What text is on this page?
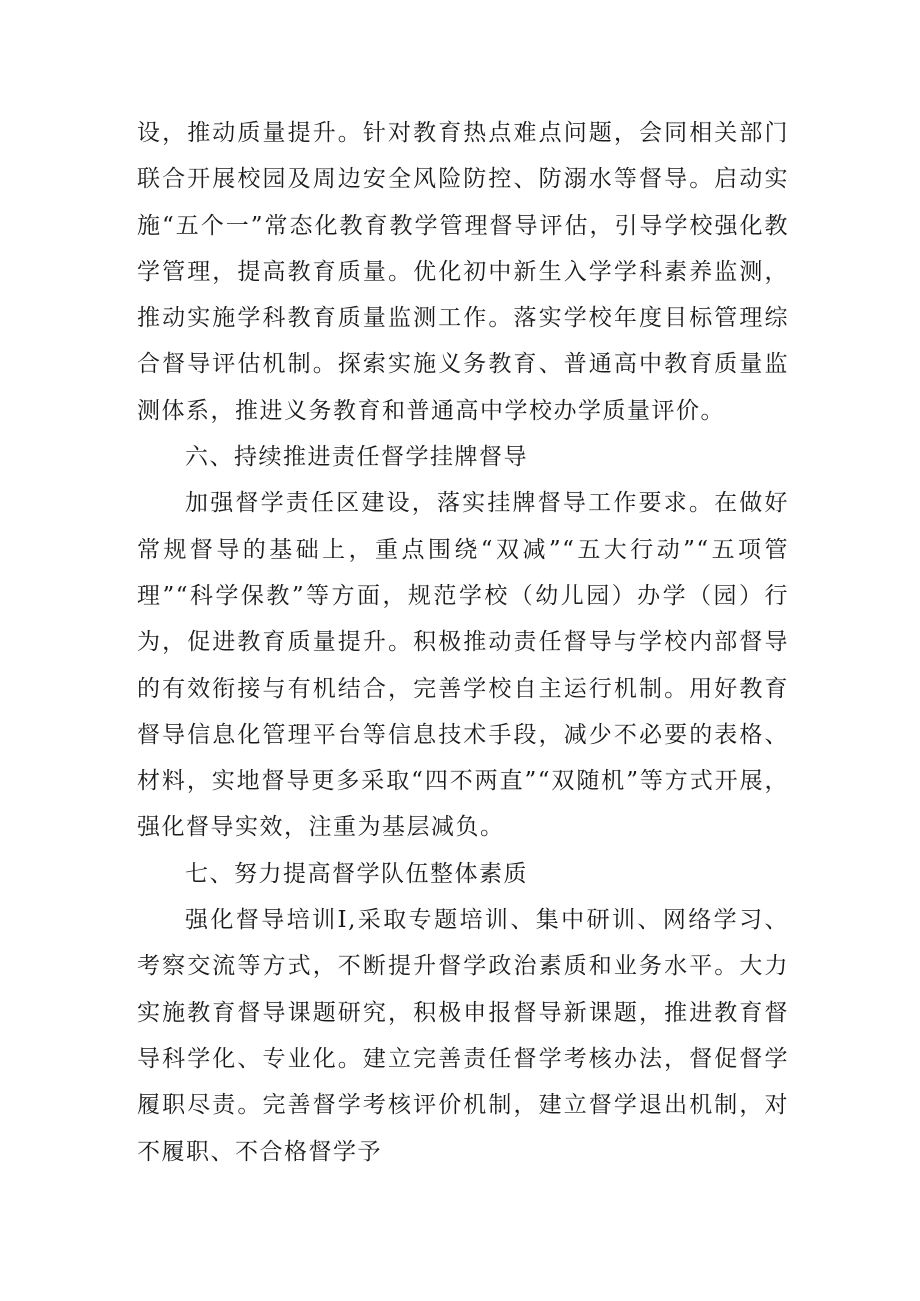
设，推动质量提升。针对教育热点难点问题，会同相关部门联合开展校园及周边安全风险防控、防溺水等督导。启动实施“五个一”常态化教育教学管理督导评估，引导学校强化教学管理，提高教育质量。优化初中新生入学学科素养监测，推动实施学科教育质量监测工作。落实学校年度目标管理综合督导评估机制。探索实施义务教育、普通高中教育质量监测体系，推进义务教育和普通高中学校办学质量评价。

六、持续推进责任督学挂牌督导

加强督学责任区建设，落实挂牌督导工作要求。在做好常规督导的基础上，重点围绕“双减”“五大行动”“五项管理”“科学保教”等方面，规范学校（幼儿园）办学（园）行为，促进教育质量提升。积极推动责任督导与学校内部督导的有效衔接与有机结合，完善学校自主运行机制。用好教育督导信息化管理平台等信息技术手段，减少不必要的表格、材料，实地督导更多采取“四不两直”“双随机”等方式开展，强化督导实效，注重为基层减负。

七、努力提高督学队伍整体素质

强化督导培训I,采取专题培训、集中研训、网络学习、考察交流等方式，不断提升督学政治素质和业务水平。大力实施教育督导课题研究，积极申报督导新课题，推进教育督导科学化、专业化。建立完善责任督学考核办法，督促督学履职尽责。完善督学考核评价机制，建立督学退出机制，对不履职、不合格督学予
